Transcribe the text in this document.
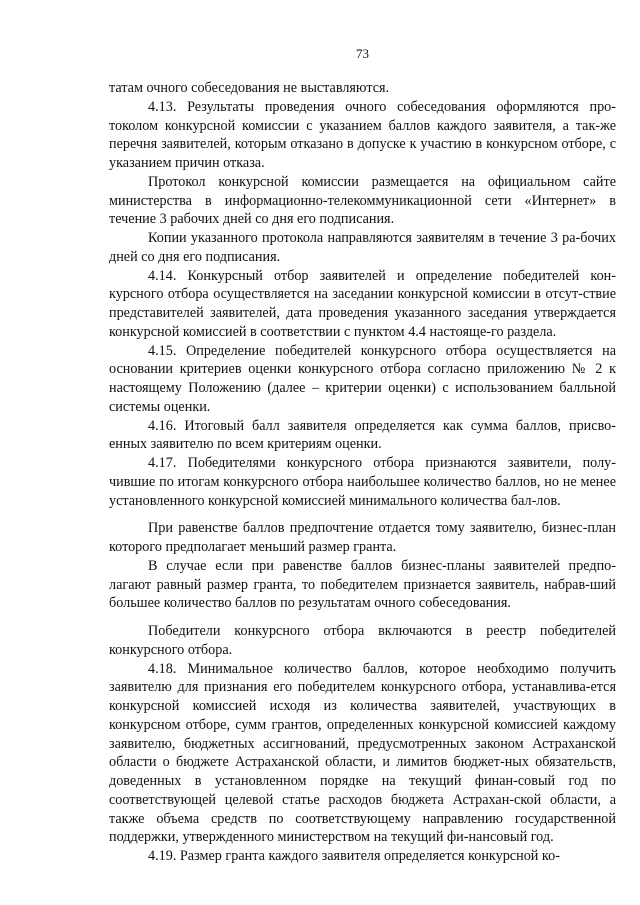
73

татам очного собеседования не выставляются.

4.13. Результаты проведения очного собеседования оформляются про-токолом конкурсной комиссии с указанием баллов каждого заявителя, а так-же перечня заявителей, которым отказано в допуске к участию в конкурсном отборе, с указанием причин отказа.

Протокол конкурсной комиссии размещается на официальном сайте министерства в информационно-телекоммуникационной сети «Интернет» в течение 3 рабочих дней со дня его подписания.

Копии указанного протокола направляются заявителям в течение 3 ра-бочих дней со дня его подписания.

4.14. Конкурсный отбор заявителей и определение победителей кон-курсного отбора осуществляется на заседании конкурсной комиссии в отсут-ствие представителей заявителей, дата проведения указанного заседания утверждается конкурсной комиссией в соответствии с пунктом 4.4 настояще-го раздела.

4.15. Определение победителей конкурсного отбора осуществляется на основании критериев оценки конкурсного отбора согласно приложению № 2 к настоящему Положению (далее – критерии оценки) с использованием балльной системы оценки.

4.16. Итоговый балл заявителя определяется как сумма баллов, присво-енных заявителю по всем критериям оценки.

4.17. Победителями конкурсного отбора признаются заявители, полу-чившие по итогам конкурсного отбора наибольшее количество баллов, но не менее установленного конкурсной комиссией минимального количества бал-лов.

При равенстве баллов предпочтение отдается тому заявителю, бизнес-план которого предполагает меньший размер гранта.

В случае если при равенстве баллов бизнес-планы заявителей предпо-лагают равный размер гранта, то победителем признается заявитель, набрав-ший большее количество баллов по результатам очного собеседования.

Победители конкурсного отбора включаются в реестр победителей конкурсного отбора.

4.18. Минимальное количество баллов, которое необходимо получить заявителю для признания его победителем конкурсного отбора, устанавлива-ется конкурсной комиссией исходя из количества заявителей, участвующих в конкурсном отборе, сумм грантов, определенных конкурсной комиссией каждому заявителю, бюджетных ассигнований, предусмотренных законом Астраханской области о бюджете Астраханской области, и лимитов бюджет-ных обязательств, доведенных в установленном порядке на текущий финан-совый год по соответствующей целевой статье расходов бюджета Астрахан-ской области, а также объема средств по соответствующему направлению государственной поддержки, утвержденного министерством на текущий фи-нансовый год.

4.19. Размер гранта каждого заявителя определяется конкурсной ко-
